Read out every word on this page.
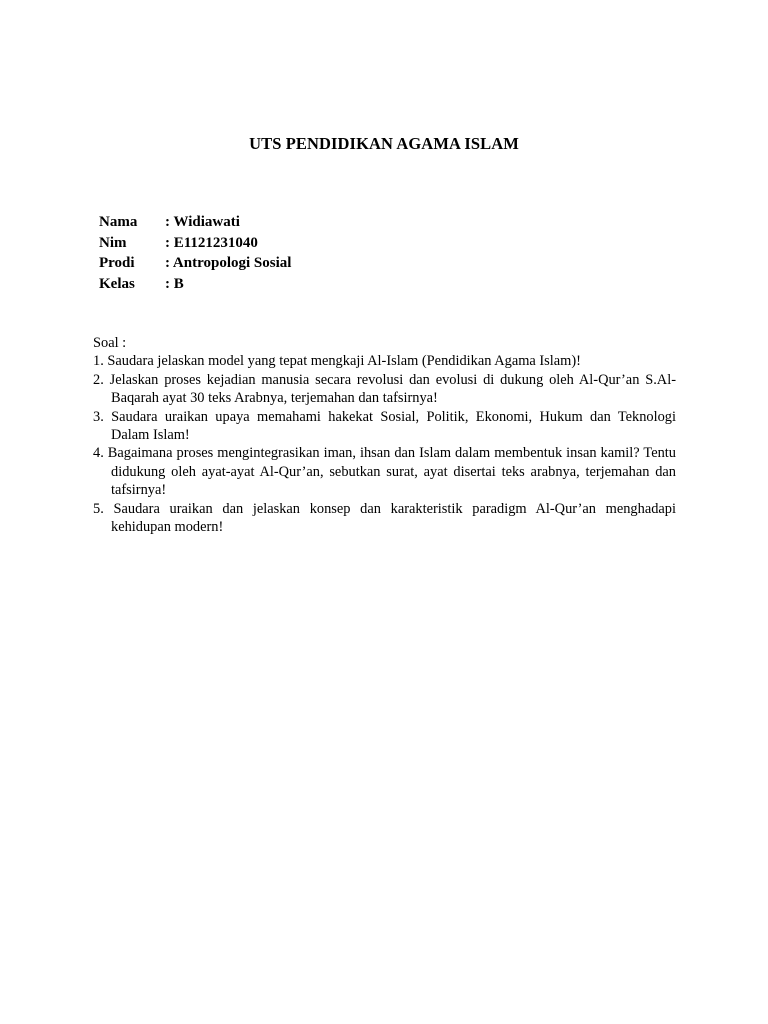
UTS PENDIDIKAN AGAMA ISLAM
Nama	: Widiawati
Nim	: E1121231040
Prodi	: Antropologi Sosial
Kelas	: B
Soal :
1. Saudara jelaskan model yang tepat mengkaji Al-Islam (Pendidikan Agama Islam)!
2. Jelaskan proses kejadian manusia secara revolusi dan evolusi di dukung oleh Al-Qur’an S.Al-Baqarah ayat 30 teks Arabnya, terjemahan dan tafsirnya!
3. Saudara uraikan upaya memahami hakekat Sosial, Politik, Ekonomi, Hukum dan Teknologi Dalam Islam!
4. Bagaimana proses mengintegrasikan iman, ihsan dan Islam dalam membentuk insan kamil? Tentu didukung oleh ayat-ayat Al-Qur’an, sebutkan surat, ayat disertai teks arabnya, terjemahan dan tafsirnya!
5. Saudara uraikan dan jelaskan konsep dan karakteristik paradigm Al-Qur’an menghadapi kehidupan modern!
